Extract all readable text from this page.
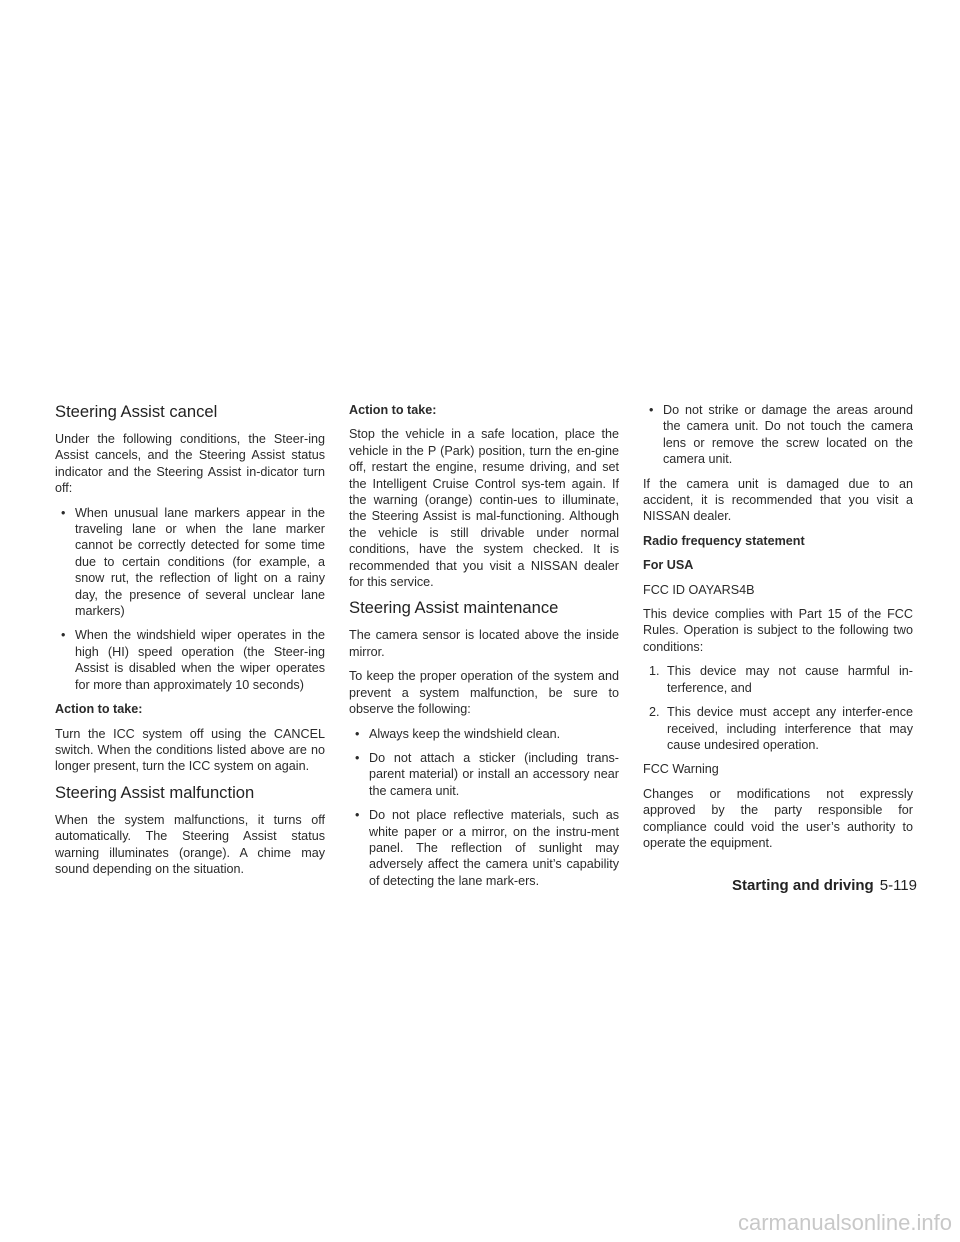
Steering Assist cancel

Under the following conditions, the Steer-ing Assist cancels, and the Steering Assist status indicator and the Steering Assist in-dicator turn off:

• When unusual lane markers appear in the traveling lane or when the lane marker cannot be correctly detected for some time due to certain conditions (for example, a snow rut, the reflection of light on a rainy day, the presence of several unclear lane markers)
• When the windshield wiper operates in the high (HI) speed operation (the Steer-ing Assist is disabled when the wiper operates for more than approximately 10 seconds)

Action to take:

Turn the ICC system off using the CANCEL switch. When the conditions listed above are no longer present, turn the ICC system on again.

Steering Assist malfunction

When the system malfunctions, it turns off automatically. The Steering Assist status warning illuminates (orange). A chime may sound depending on the situation.

Action to take:

Stop the vehicle in a safe location, place the vehicle in the P (Park) position, turn the en-gine off, restart the engine, resume driving, and set the Intelligent Cruise Control sys-tem again. If the warning (orange) contin-ues to illuminate, the Steering Assist is mal-functioning. Although the vehicle is still drivable under normal conditions, have the system checked. It is recommended that you visit a NISSAN dealer for this service.

Steering Assist maintenance

The camera sensor is located above the inside mirror.

To keep the proper operation of the system and prevent a system malfunction, be sure to observe the following:

• Always keep the windshield clean.
• Do not attach a sticker (including trans-parent material) or install an accessory near the camera unit.
• Do not place reflective materials, such as white paper or a mirror, on the instru-ment panel. The reflection of sunlight may adversely affect the camera unit’s capability of detecting the lane mark-ers.
• Do not strike or damage the areas around the camera unit. Do not touch the camera lens or remove the screw located on the camera unit.

If the camera unit is damaged due to an accident, it is recommended that you visit a NISSAN dealer.

Radio frequency statement

For USA

FCC ID OAYARS4B

This device complies with Part 15 of the FCC Rules. Operation is subject to the following two conditions:

1. This device may not cause harmful in-terference, and
2. This device must accept any interfer-ence received, including interference that may cause undesired operation.

FCC Warning

Changes or modifications not expressly approved by the party responsible for compliance could void the user’s authority to operate the equipment.

Starting and driving 5-119
carmanualsonline.info
